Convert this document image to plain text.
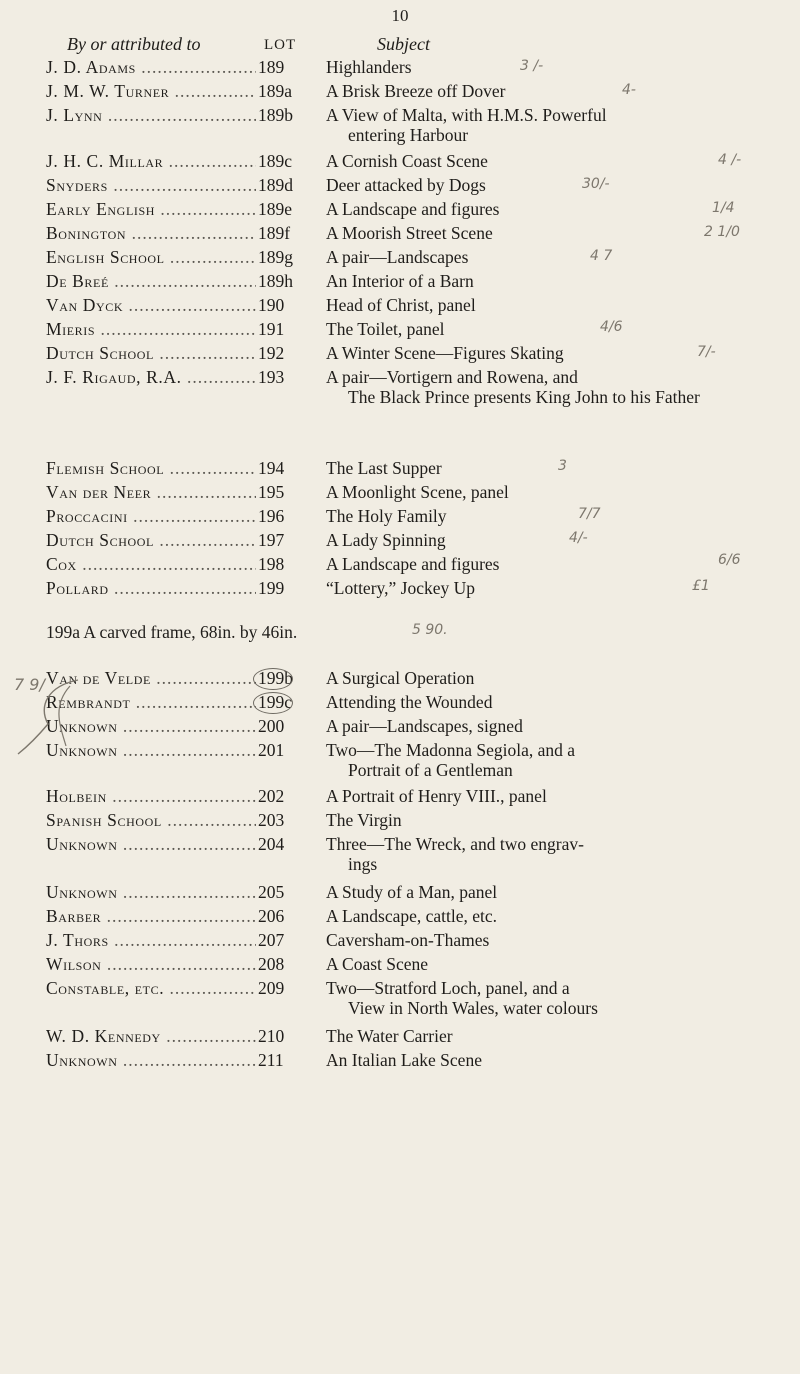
10
By or attributed to	LOT	Subject
J. D. Adams .....	189	Highlanders
J. M. W. Turner .....	189a	A Brisk Breeze off Dover
J. Lynn .....	189b	A View of Malta, with H.M.S. Powerful
entering Harbour
J. H. C. Millar .....	189c	A Cornish Coast Scene
Snyders .....	189d	Deer attacked by Dogs
Early English .....	189e	A Landscape and figures
Bonington .....	189f	A Moorish Street Scene
English School .....	189g	A pair—Landscapes
De Breé .....	189h	An Interior of a Barn
Van Dyck .....	190	Head of Christ, panel
Mieris .....	191	The Toilet, panel
Dutch School .....	192	A Winter Scene—Figures Skating
J. F. Rigaud, R.A. .....	193	A pair—Vortigern and Rowena, and
The Black Prince presents King John to his Father
Flemish School .....	194	The Last Supper
Van der Neer .....	195	A Moonlight Scene, panel
Proccacini .....	196	The Holy Family
Dutch School .....	197	A Lady Spinning
Cox .....	198	A Landscape and figures
Pollard .....	199	“Lottery,” Jockey Up
199a A carved frame, 68in. by 46in.
Van de Velde .....	199b	A Surgical Operation
Rembrandt .....	199c	Attending the Wounded
Unknown .....	200	A pair—Landscapes, signed
Unknown .....	201	Two—The Madonna Segiola, and a
Portrait of a Gentleman
Holbein .....	202	A Portrait of Henry VIII., panel
Spanish School .....	203	The Virgin
Unknown .....	204	Three—The Wreck, and two engrav-
ings
Unknown .....	205	A Study of a Man, panel
Barber .....	206	A Landscape, cattle, etc.
J. Thors .....	207	Caversham-on-Thames
Wilson .....	208	A Coast Scene
Constable, etc. .....	209	Two—Stratford Loch, panel, and a
View in North Wales, water colours
W. D. Kennedy .....	210	The Water Carrier
Unknown .....	211	An Italian Lake Scene
3 /-
4-
4 /-
30/-
1/4
2 1/0
4 7
4/6
7/-
3
7/7
4/-
6/6
£1
5 90.
7 9/
